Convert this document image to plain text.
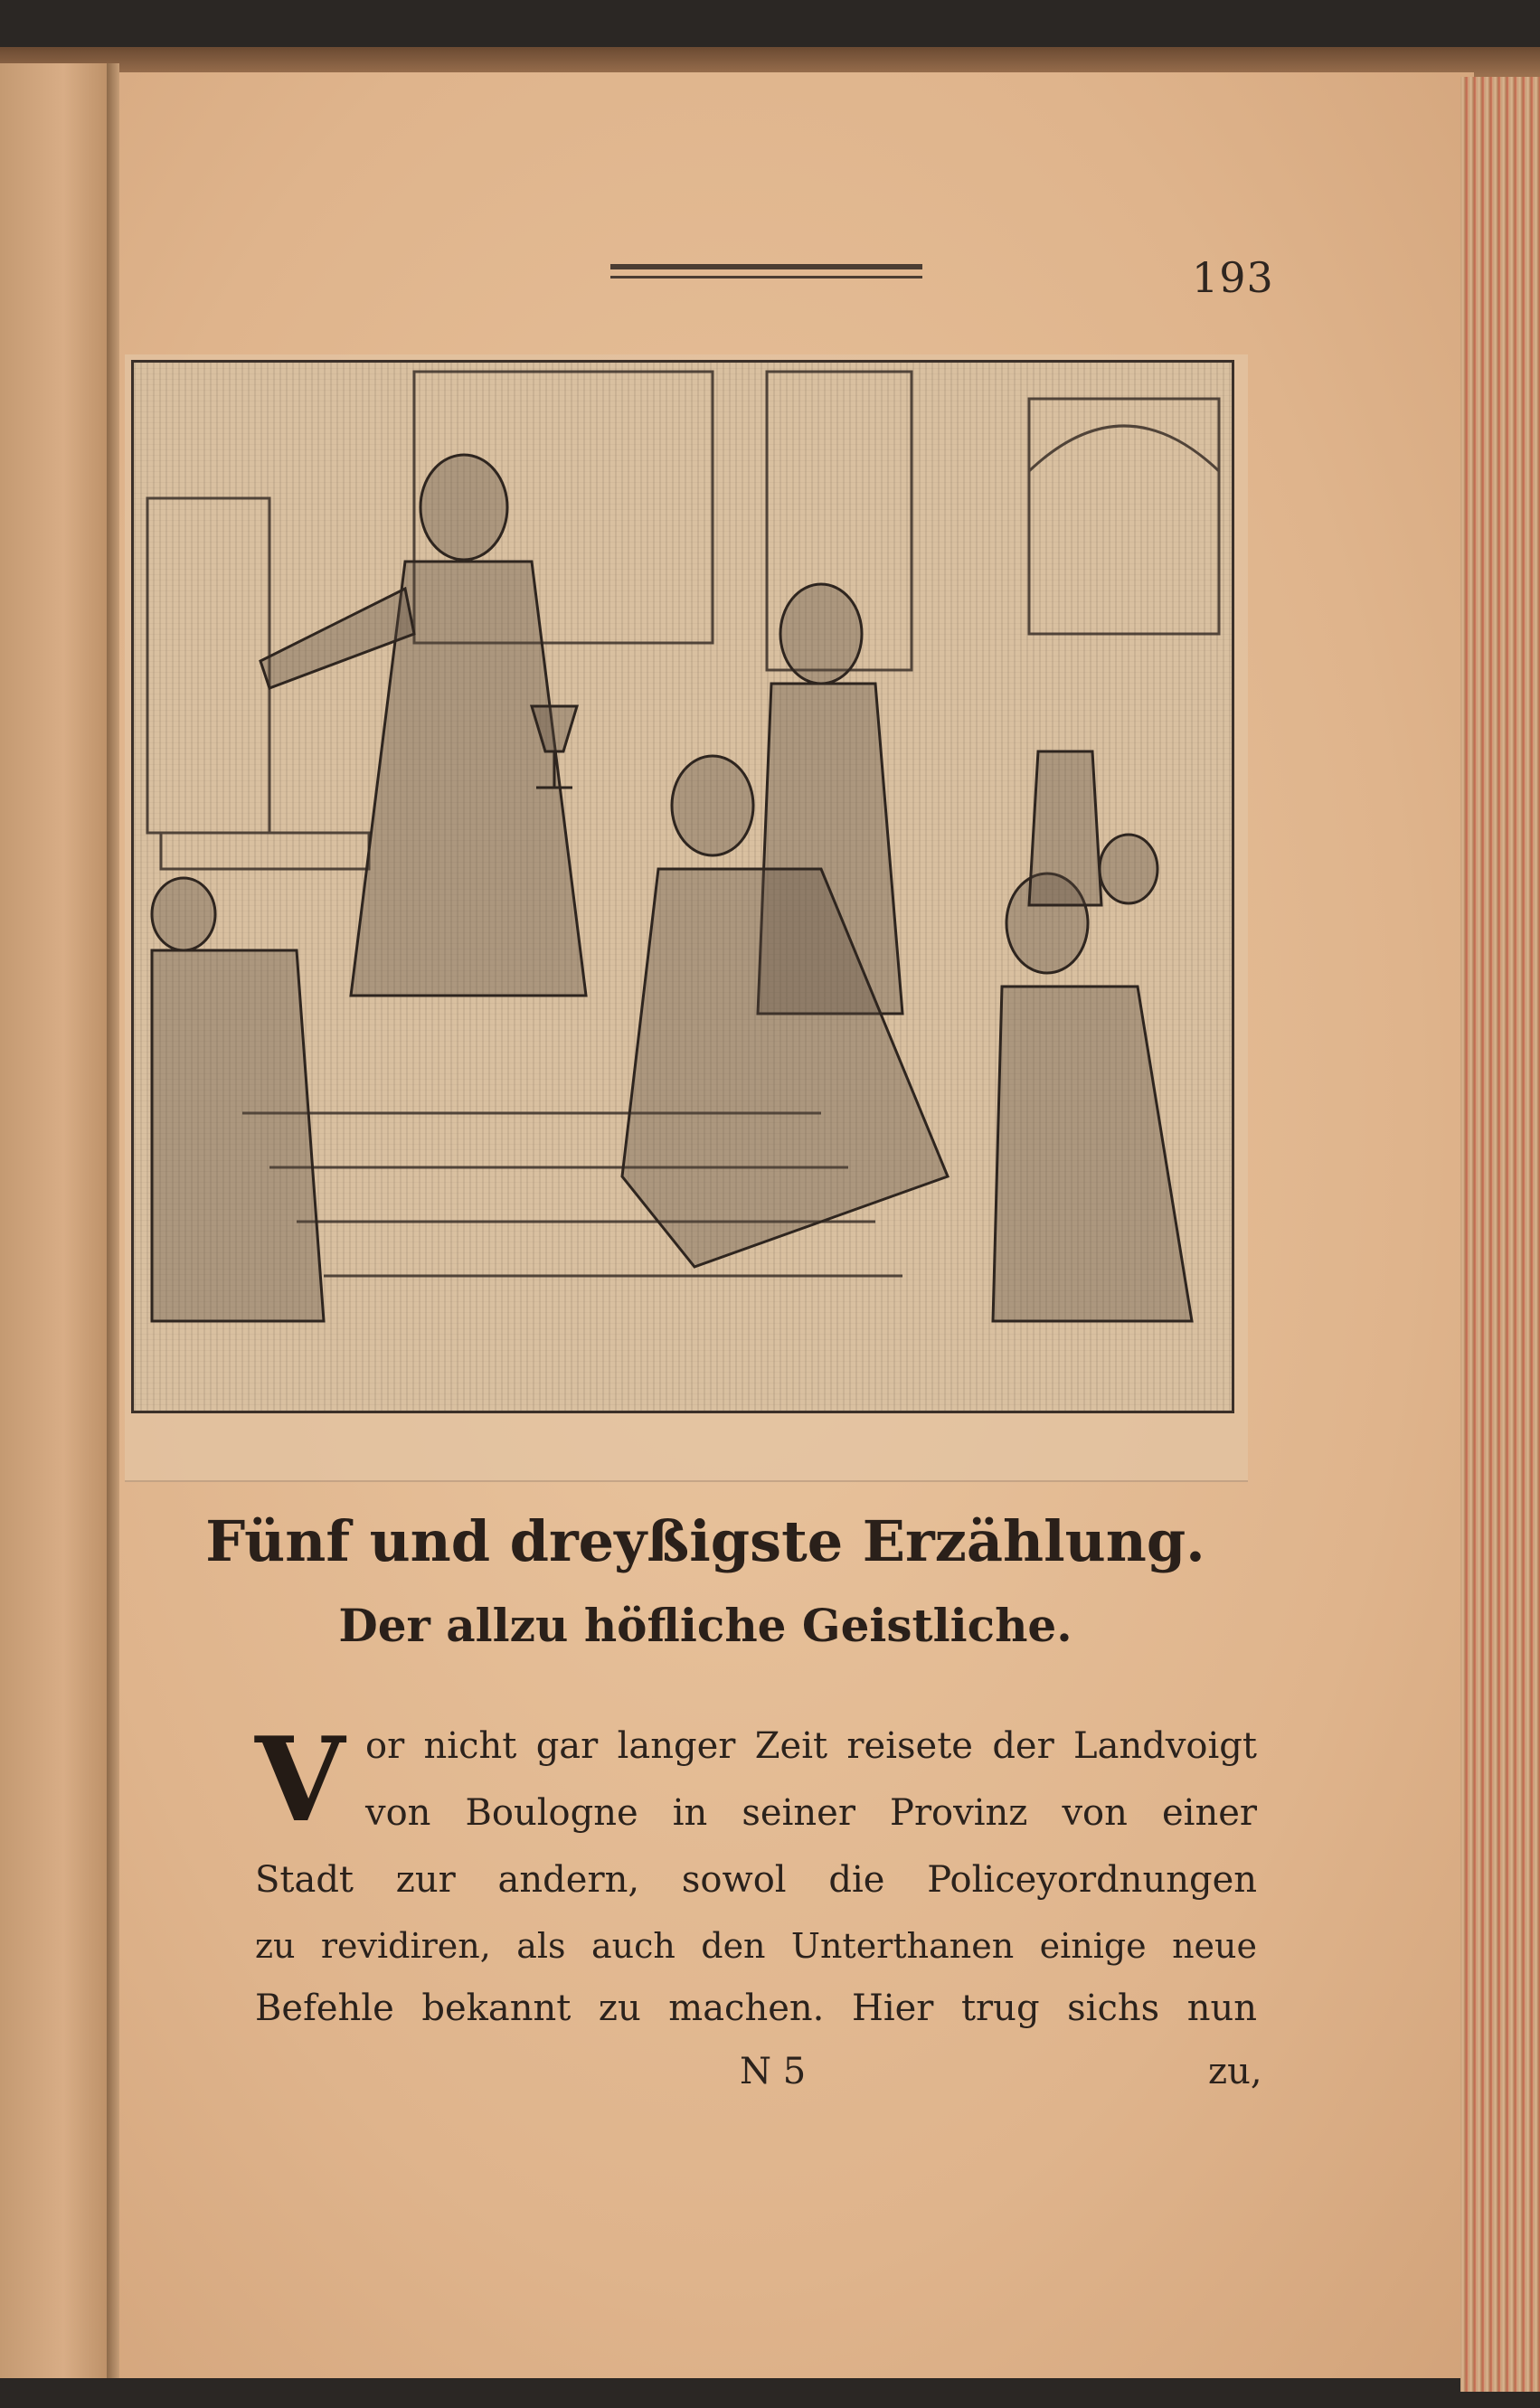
193
Fünf und dreyßigste Erzählung.
Der allzu höfliche Geistliche.
V or nicht gar langer Zeit reisete der Landvoigt
von Boulogne in seiner Provinz von einer
Stadt zur andern, sowol die Policeyordnungen
zu revidiren, als auch den Unterthanen einige neue
Befehle bekannt zu machen. Hier trug sichs nun
N 5	zu,
